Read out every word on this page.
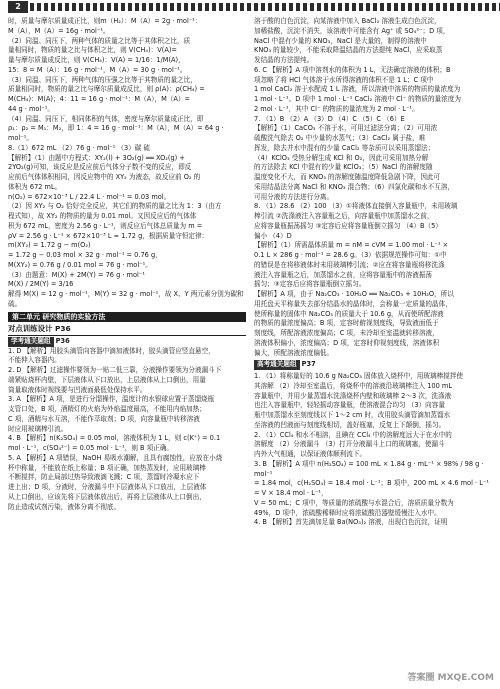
2

时，质量与摩尔质量成正比，则m（H₂）：M（A）= 2g · mol⁻¹：

M（A），M（A）= 16g · mol⁻¹。

（2）同温、同压下，两种气体的质量之比等于其体积之比，质

量相同时，物质的量之比与体积之比，则 V(CH₄)：V(A)=

量与摩尔质量成反比，则 V(CH₄)：V(A) = 1/16：1/M(A)，

15：8 = M（A）：16 g · mol⁻¹，M（A）= 30 g · mol⁻¹。

（3）同温、同压下，两种气体的压强之比等于其物质的量之比，

质量相同时，物质的量之比与摩尔质量成反比，则 ρ(A)：ρ(CH₄) =

M(CH₄)：M(A)；4：11 = 16 g · mol⁻¹：M（A），M（A）=

44 g · mol⁻¹。

（4）同温、同压下，相同体积的气体，密度与摩尔质量成正比，即

ρ₁：ρ₂ = M₁：M₂，即 1：4 = 16 g · mol⁻¹：M（A），M（A）= 64 g ·

mol⁻¹。

8.（1）672 mL （2）76 g · mol⁻¹ （3）碳 硫

【解析】（1）由题中方程式：XY₂(l) + 3O₂(g) ══ XO₂(g) +

2YO₂(g)可知，该反应是反应前后气体分子数不变的反应，即反

应前后气体体积相同，因反应物中的 XY₂ 为液态，故反应前 O₂ 的

体积为 672 mL。

n(O₂) = 672×10⁻³ L / 22.4 L · mol⁻¹ = 0.03 mol。

（2）因 XY₂ 与 O₂ 恰好完全反应，其它们的物质的量之比为 1：3（由方

程式知），故 XY₂ 的物质的量为 0.01 mol。又因反应后的气体体

积为 672 mL，密度为 2.56 g · L⁻¹，则反应后气体总质量为 m =

ρV = 2.56 g · L⁻¹ × 672×10⁻³ L ≈ 1.72 g，根据质量守恒定律：

m(XY₂) = 1.72 g − m(O₂)

= 1.72 g − 0.03 mol × 32 g · mol⁻¹ = 0.76 g，

M(XY₂) = 0.76 g / 0.01 mol = 76 g · mol⁻¹。

（3）由题意：M(X) + 2M(Y) = 76 g · mol⁻¹

M(X) / 2M(Y) = 3/16

解得 M(X) = 12 g · mol⁻¹，M(Y) = 32 g · mol⁻¹，故 X、Y 两元素分别为碳和硫。

第二单元 研究物质的实验方法
对点训练设计 P36
学考通关题组 P36

1. D 【解析】用胶头滴管向容器中滴加液体时，胶头滴管应竖直悬空，

不能伸入容器内。

2. D 【解析】过滤操作要领为一贴二低三靠，分液操作要领为分液漏斗下

端紧贴烧杯内壁，下层液体从下口放出，上层液体从上口倒出，用量

筒量取液体时视线要与凹液面最低处保持水平。

3. A 【解析】A 项，是进行分馏操作，温度计的水银球应置于蒸馏烧瓶

支管口处，B 项，酒精灯的火焰为外焰温度最高，不能用内焰加热；

C 项，酒精与水互溶，不能作萃取剂；D 项，向容量瓶中转移溶液

时应用玻璃棒引流。

4. B 【解析】n(K₂SO₄) = 0.05 mol，溶液体积为 1 L，则 c(K⁺) = 0.1

mol · L⁻¹，c(SO₄²⁻) = 0.05 mol · L⁻¹，则 B 项正确。

5. A 【解析】A 项错误，NaOH 易吸水潮解，且具有腐蚀性，应放在小烧

杯中称量，不能放在纸上称量；B 项正确，加热蒸发时，应用玻璃棒

不断搅拌，防止局部过热导致液滴飞溅；C 项，蒸馏时冷凝水应下

进上出；D 项，分液时，分液漏斗中下层液体从下口放出，上层液体

从上口倒出，应该先将下层液体放出后，再将上层液体从上口倒出，

防止造成试剂污染，液体分离不彻底。

溶于酸的白色沉淀，向某溶液中加入 BaCl₂ 溶液生成白色沉淀，

加稀盐酸，沉淀不消失，该溶液中可能含有 Ag⁺ 或 SO₄²⁻；D 项，

NaCl 中混有少量的 KNO₃，NaCl 是大量的，制得的溶液中

KNO₃ 的量较少，不能采取降温结晶的方法提纯 NaCl，应采取蒸

发结晶的方法提纯。

6. C 【解析】A 项中溶剂水的体积为 1 L，无法确定溶液的体积；B

项忽略了将 HCl 气体溶于水所得溶液的体积不是 1 L；C 项中

1 mol CaCl₂ 溶于水配成 1 L 溶液，所以溶液中溶质的物质的量浓度为

1 mol · L⁻¹。D 项中 1 mol · L⁻¹ CaCl₂ 溶液中 Cl⁻ 的物质的量浓度为

2 mol · L⁻¹，其中 Cl⁻ 的物质的量浓度为 2 mol · L⁻¹。

7. （1）B （2）A （3）D （4）C （5）C （6）E

【解析】（1）CaCO₃ 不溶于水，可用过滤法分离；（2）可用浓

硫酸洗气除去 O₂ 中少量的水蒸气；（3）CaCl₂ 属于盐，难

挥发，除去井水中混有的少量 CaCl₂ 等杂质可以采用蒸馏法；

（4）KClO₃ 受热分解生成 KCl 和 O₂，因此可采用加热分解

的方法除去 KCl 中混有的少量 KClO₃；（5）NaCl 的溶解度随

温度变化不大，而 KNO₃ 的溶解度随温度降低急剧下降，因此可

采用结晶法分离 NaCl 和 KNO₃ 混合物；（6）四氯化碳和水不互溶，

可用分液的方法进行分离。

8. （1）28.6 （2）100 （3）①将液体直接倒入容量瓶中，未用玻璃

棒引流 ②洗涤液注入容量瓶之后，向容量瓶中加蒸馏水之前，

应将容量瓶振荡摇匀 ③定容后应将容量瓶倒立摇匀 （4）B（5）

偏小 （4）D

【解析】（1）所需晶体质量 m = nM = cVM = 1.00 mol · L⁻¹ ×

0.1 L × 286 g · mol⁻¹ = 28.6 g。（3）依据规范操作可知：①中

的错误是在将移液体时未用玻璃棒引流；②应在将容量瓶将移洗涤

液注入容量瓶之后，加蒸馏水之前，应将容量瓶中的溶液振荡

摇匀；③定容后应将容量瓶倒立摇匀。

【解析】A 项，由于 Na₂CO₃ · 10H₂O ══ Na₂CO₃ + 10H₂O，所以

用托盘天平称量失去部分结晶水的晶体时，会称量一定质量的晶体，

使所称量的固体中 Na₂CO₃ 的质量大于 10.6 g，从而使所配溶液

的物质的量浓度偏高；B 项，定容时俯视刻度线，导致液面低于

刻度线，所配溶液浓度偏高；C 项，未冷却至室温就转移溶液，

溶液体积偏小，浓度偏高；D 项，定容时仰视刻度线，溶液体积

偏大，所配溶液浓度偏低。

高考通关题组 P37

1. （1）将称量好的 10.6 g Na₂CO₃ 固体放入烧杯中，用玻璃棒搅拌使

其溶解 （2）冷却至室温后，将烧杯中的溶液沿玻璃棒注入 100 mL

容量瓶中，并用少量蒸馏水洗涤烧杯内壁和玻璃棒 2～3 次，洗涤液

也注入容量瓶中，轻轻摇动容量瓶，使溶液混合均匀 （3）向容量

瓶中加蒸馏水至刻度线以下 1～2 cm 时，改用胶头滴管滴加蒸馏水

至溶液的凹液面与刻度线相切，盖好瓶塞，反复上下颠倒，摇匀。

2. （1）CCl₄ 和水不相溶，且碘在 CCl₄ 中的溶解度远大于在水中的

溶解度 （2）分液漏斗 （3）打开分液漏斗上口的玻璃塞，使漏斗

内外大气相通，以保证液体顺利流下。

3. B 【解析】A 项中 n(H₂SO₄) = 100 mL × 1.84 g · mL⁻¹ × 98% / 98 g · mol⁻¹

= 1.84 mol，c(H₂SO₄) = 18.4 mol · L⁻¹；B 项中，200 mL × 4.6 mol · L⁻¹ = V × 18.4 mol · L⁻¹，

V = 50 mL；C 项中，等质量的浓硫酸与水混合后，溶质质量分数为

49%，D 项中，浓硫酸稀释时应将浓硫酸沿器壁缓慢注入水中。

4. B 【解析】首先滴加足量 Ba(NO₃)₂ 溶液，出现白色沉淀，证明

答案圈 MXQE.COM
